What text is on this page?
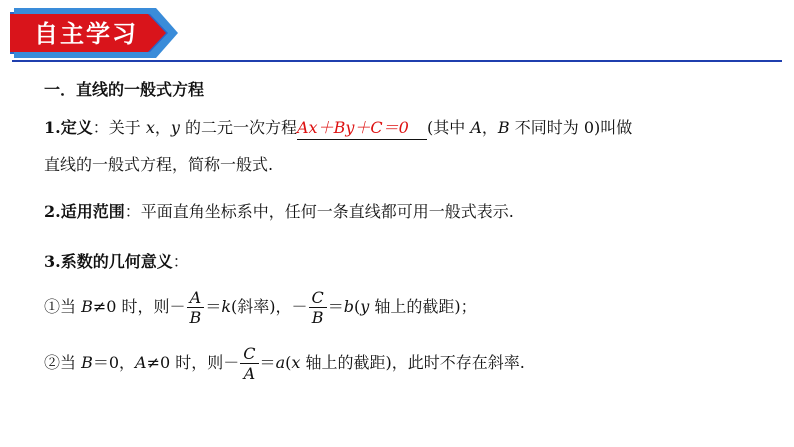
自主学习
一．直线的一般式方程
1.定义：关于 x，y 的二元一次方程Ax＋By＋C＝0 (其中 A，B 不同时为 0)叫做
直线的一般式方程，简称一般式.
2.适用范围：平面直角坐标系中，任何一条直线都可用一般式表示.
3.系数的几何意义：
①当 B≠0 时，则－ $\frac{A}{B} =k$(斜率)，－ $\frac{C}{B} =b(y$ 轴上的截距)；
②当 B＝0，A≠0 时，则－ $\frac{C}{A} =a(x$ 轴上的截距)，此时不存在斜率.
